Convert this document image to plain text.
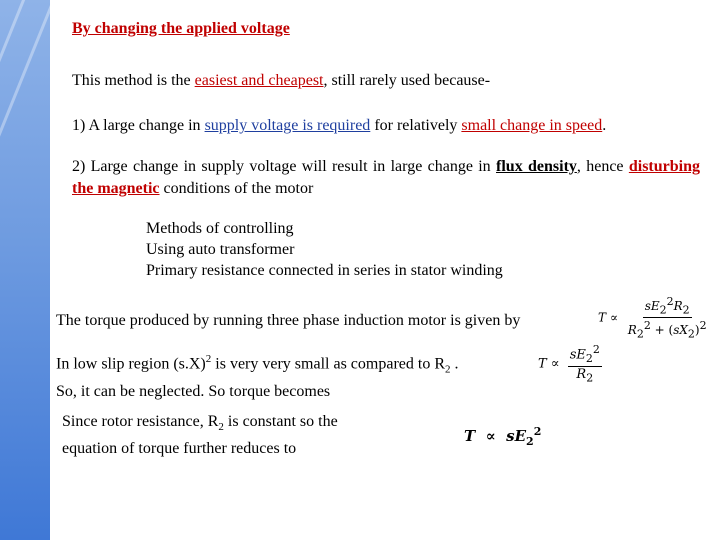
By changing the applied voltage
This method is the easiest and cheapest, still rarely used because-
1) A large change in supply voltage is required for relatively small change in speed.
2) Large change in supply voltage will result in large change in flux density, hence disturbing the magnetic conditions of the motor
Methods of controlling
Using auto transformer
Primary resistance connected in series in stator winding
The torque produced by running three phase induction motor is given by	$T \propto \frac{sE_2^2R_2}{R_2^2 + (sX_2)^2}$
In low slip region $(s.X)^2$ is very very small as compared to $R_2$ .
So, it can be neglected. So torque becomes
$T \propto \frac{sE_2^2}{R_2}$
Since rotor resistance, $R_2$ is constant so the
equation of torque further reduces to
$T \propto sE_2^2$
